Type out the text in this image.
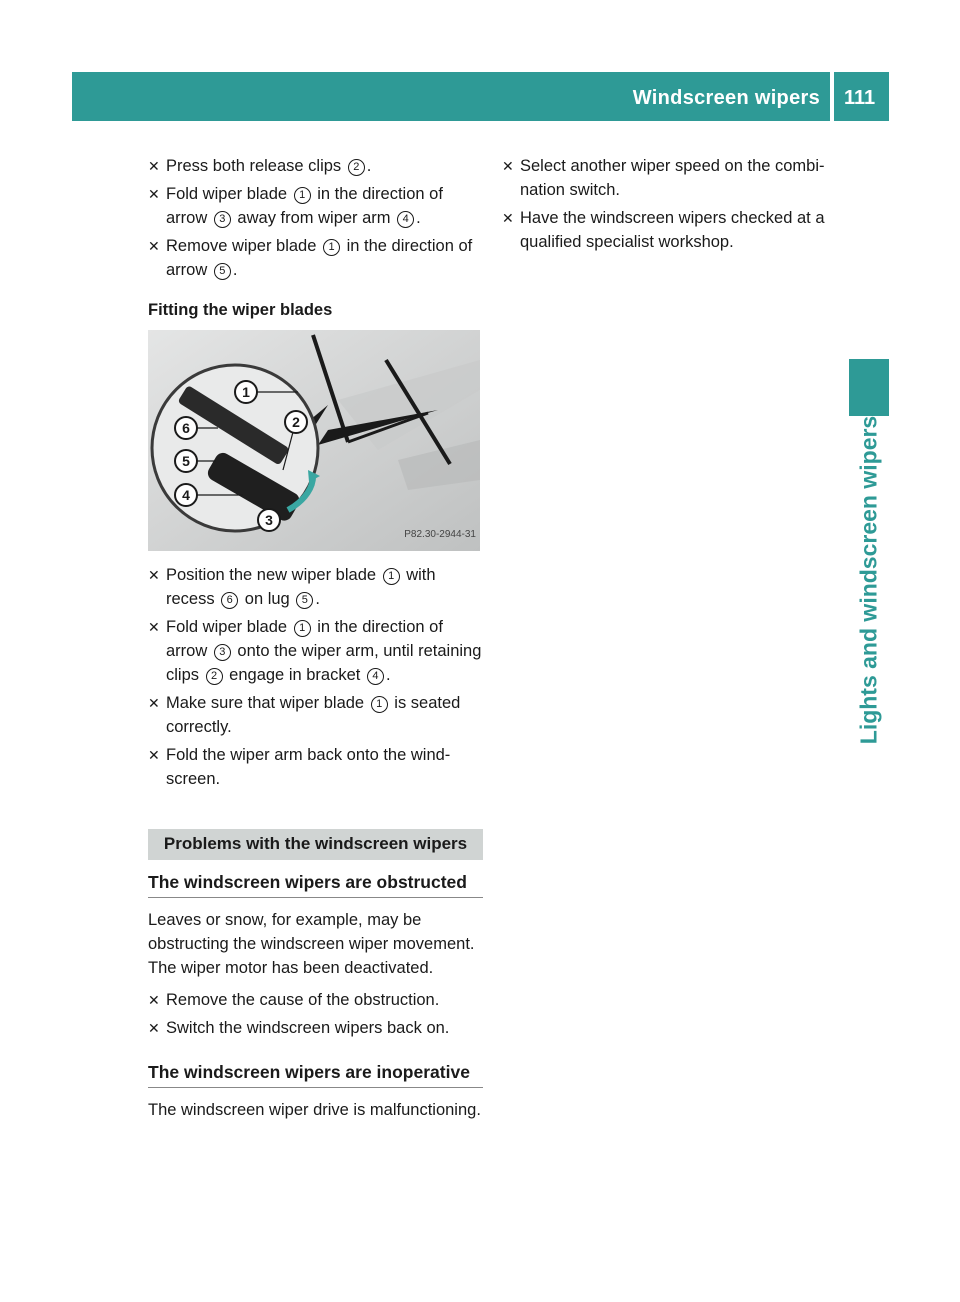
Windscreen wipers 111
Lights and windscreen wipers
✕ Press both release clips 2 .
✕ Fold wiper blade 1 in the direction of arrow 3 away from wiper arm 4 .
✕ Remove wiper blade 1 in the direction of arrow 5 .
Fitting the wiper blades
1
2
3
4
5
6
P82.30-2944-31
✕ Position the new wiper blade 1 with recess 6 on lug 5 .
✕ Fold wiper blade 1 in the direction of arrow 3 onto the wiper arm, until retaining clips 2 engage in bracket 4 .
✕ Make sure that wiper blade 1 is seated correctly.
✕ Fold the wiper arm back onto the wind-screen.
Problems with the windscreen wipers
The windscreen wipers are obstructed
Leaves or snow, for example, may be obstructing the windscreen wiper movement. The wiper motor has been deactivated.
✕ Remove the cause of the obstruction.
✕ Switch the windscreen wipers back on.
The windscreen wipers are inoperative
The windscreen wiper drive is malfunctioning.
✕ Select another wiper speed on the combi-nation switch.
✕ Have the windscreen wipers checked at a qualified specialist workshop.
